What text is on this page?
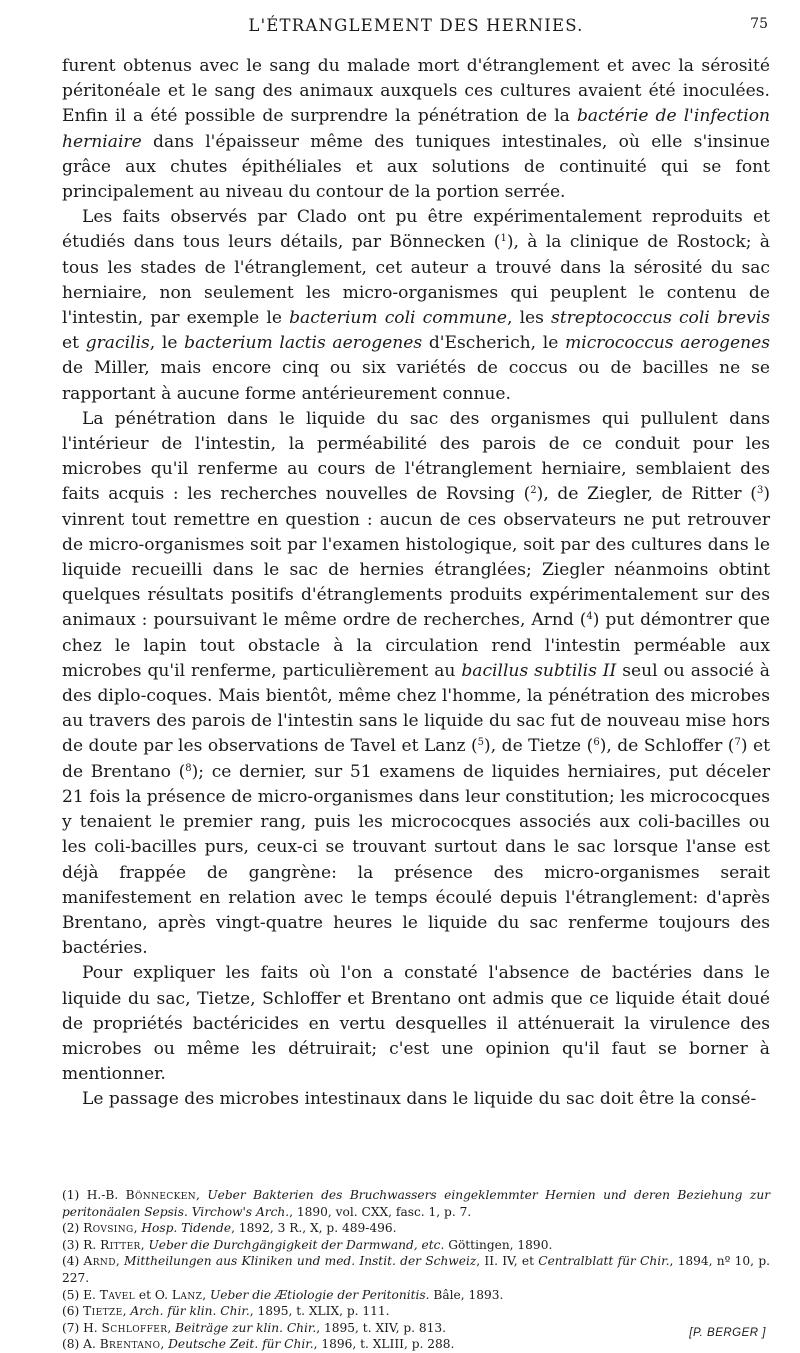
L'ÉTRANGLEMENT DES HERNIES.	75

furent obtenus avec le sang du malade mort d'étranglement et avec la sérosité péritonéale et le sang des animaux auxquels ces cultures avaient été inoculées. Enfin il a été possible de surprendre la pénétration de la bactérie de l'infection herniaire dans l'épaisseur même des tuniques intestinales, où elle s'insinue grâce aux chutes épithéliales et aux solutions de continuité qui se font principalement au niveau du contour de la portion serrée.

Les faits observés par Clado ont pu être expérimentalement reproduits et étudiés dans tous leurs détails, par Bönnecken ($^1$), à la clinique de Rostock; à tous les stades de l'étranglement, cet auteur a trouvé dans la sérosité du sac herniaire, non seulement les micro-organismes qui peuplent le contenu de l'intestin, par exemple le bacterium coli commune, les streptococcus coli brevis et gracilis, le bacterium lactis aerogenes d'Escherich, le micrococcus aerogenes de Miller, mais encore cinq ou six variétés de coccus ou de bacilles ne se rapportant à aucune forme antérieurement connue.

La pénétration dans le liquide du sac des organismes qui pullulent dans l'intérieur de l'intestin, la perméabilité des parois de ce conduit pour les microbes qu'il renferme au cours de l'étranglement herniaire, semblaient des faits acquis : les recherches nouvelles de Rovsing ($^2$), de Ziegler, de Ritter ($^3$) vinrent tout remettre en question : aucun de ces observateurs ne put retrouver de micro-organismes soit par l'examen histologique, soit par des cultures dans le liquide recueilli dans le sac de hernies étranglées; Ziegler néanmoins obtint quelques résultats positifs d'étranglements produits expérimentalement sur des animaux : poursuivant le même ordre de recherches, Arnd ($^4$) put démontrer que chez le lapin tout obstacle à la circulation rend l'intestin perméable aux microbes qu'il renferme, particulièrement au bacillus subtilis II seul ou associé à des diplo-coques. Mais bientôt, même chez l'homme, la pénétration des microbes au travers des parois de l'intestin sans le liquide du sac fut de nouveau mise hors de doute par les observations de Tavel et Lanz ($^5$), de Tietze ($^6$), de Schloffer ($^7$) et de Brentano ($^8$); ce dernier, sur 51 examens de liquides herniaires, put déceler 21 fois la présence de micro-organismes dans leur constitution; les micrococques y tenaient le premier rang, puis les micrococques associés aux coli-bacilles ou les coli-bacilles purs, ceux-ci se trouvant surtout dans le sac lorsque l'anse est déjà frappée de gangrène: la présence des micro-organismes serait manifestement en relation avec le temps écoulé depuis l'étranglement: d'après Brentano, après vingt-quatre heures le liquide du sac renferme toujours des bactéries.

Pour expliquer les faits où l'on a constaté l'absence de bactéries dans le liquide du sac, Tietze, Schloffer et Brentano ont admis que ce liquide était doué de propriétés bactéricides en vertu desquelles il atténuerait la virulence des microbes ou même les détruirait; c'est une opinion qu'il faut se borner à mentionner.

Le passage des microbes intestinaux dans le liquide du sac doit être la consé-

(1) H.-B. Bönnecken, Ueber Bakterien des Bruchwassers eingeklemmter Hernien und deren Beziehung zur peritonäalen Sepsis. Virchow's Arch., 1890, vol. CXX, fasc. 1, p. 7.

(2) Rovsing, Hosp. Tidende, 1892, 3 R., X, p. 489-496.

(3) R. Ritter, Ueber die Durchgängigkeit der Darmwand, etc. Göttingen, 1890.

(4) Arnd, Mittheilungen aus Kliniken und med. Instit. der Schweiz, II. IV, et Centralblatt für Chir., 1894, nº 10, p. 227.

(5) E. Tavel et O. Lanz, Ueber die Ætiologie der Peritonitis. Bâle, 1893.

(6) Tietze, Arch. für klin. Chir., 1895, t. XLIX, p. 111.

(7) H. Schloffer, Beiträge zur klin. Chir., 1895, t. XIV, p. 813.

(8) A. Brentano, Deutsche Zeit. für Chir., 1896, t. XLIII, p. 288.

[P. BERGER ]
